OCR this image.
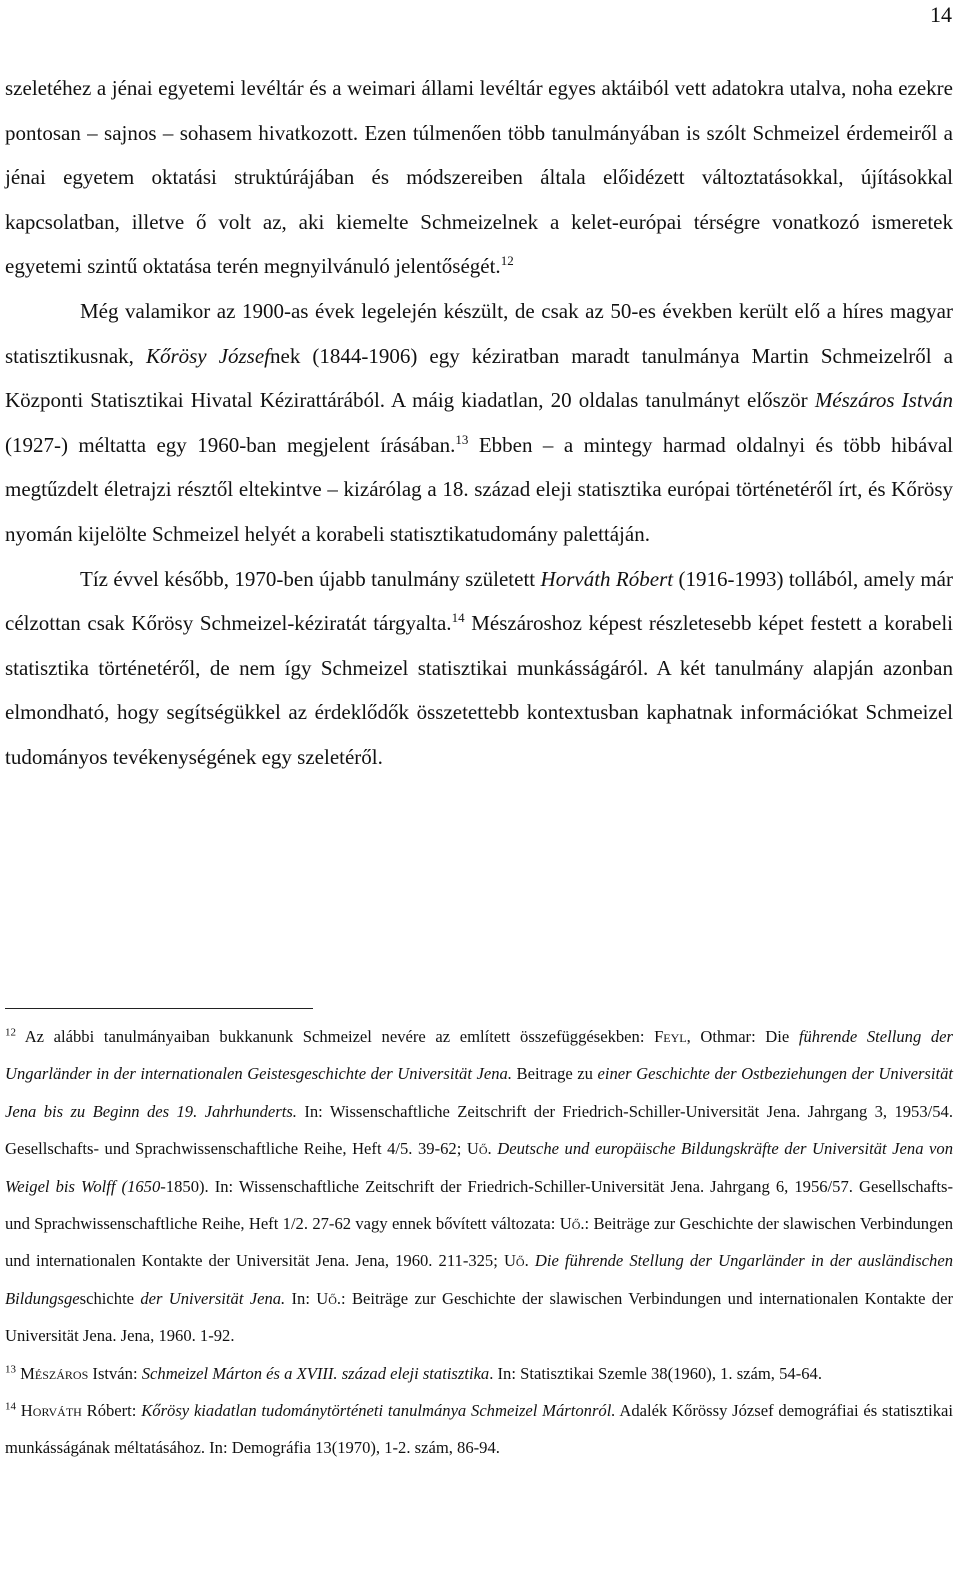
14

szeletéhez a jénai egyetemi levéltár és a weimari állami levéltár egyes aktáiból vett adatokra utalva, noha ezekre pontosan – sajnos – sohasem hivatkozott. Ezen túlmenően több tanulmányában is szólt Schmeizel érdemeiről a jénai egyetem oktatási struktúrájában és módszereiben általa előidézett változtatásokkal, újításokkal kapcsolatban, illetve ő volt az, aki kiemelte Schmeizelnek a kelet-európai térségre vonatkozó ismeretek egyetemi szintű oktatása terén megnyilvánuló jelentőségét.$^{12}$

Még valamikor az 1900-as évek legelején készült, de csak az 50-es években került elő a híres magyar statisztikusnak, Kőrösy Józsefnek (1844-1906) egy kéziratban maradt tanulmánya Martin Schmeizelről a Központi Statisztikai Hivatal Kézirattárából. A máig kiadatlan, 20 oldalas tanulmányt először Mészáros István (1927-) méltatta egy 1960-ban megjelent írásában.$^{13}$ Ebben – a mintegy harmad oldalnyi és több hibával megtűzdelt életrajzi résztől eltekintve – kizárólag a 18. század eleji statisztika európai történetéről írt, és Kőrösy nyomán kijelölte Schmeizel helyét a korabeli statisztikatudomány palettáján.

Tíz évvel később, 1970-ben újabb tanulmány született Horváth Róbert (1916-1993) tollából, amely már célzottan csak Kőrösy Schmeizel-kéziratát tárgyalta.$^{14}$ Mészároshoz képest részletesebb képet festett a korabeli statisztika történetéről, de nem így Schmeizel statisztikai munkásságáról. A két tanulmány alapján azonban elmondható, hogy segítségükkel az érdeklődők összetettebb kontextusban kaphatnak információkat Schmeizel tudományos tevékenységének egy szeletéről.

$^{12}$ Az alábbi tanulmányaiban bukkanunk Schmeizel nevére az említett összefüggésekben: Feyl, Othmar: Die führende Stellung der Ungarländer in der internationalen Geistesgeschichte der Universität Jena. Beitrage zu einer Geschichte der Ostbeziehungen der Universität Jena bis zu Beginn des 19. Jahrhunderts. In: Wissenschaftliche Zeitschrift der Friedrich-Schiller-Universität Jena. Jahrgang 3, 1953/54. Gesellschafts- und Sprachwissenschaftliche Reihe, Heft 4/5. 39-62; Uő. Deutsche und europäische Bildungskräfte der Universität Jena von Weigel bis Wolff (1650-1850). In: Wissenschaftliche Zeitschrift der Friedrich-Schiller-Universität Jena. Jahrgang 6, 1956/57. Gesellschafts- und Sprachwissenschaftliche Reihe, Heft 1/2. 27-62 vagy ennek bővített változata: Uő.: Beiträge zur Geschichte der slawischen Verbindungen und internationalen Kontakte der Universität Jena. Jena, 1960. 211-325; Uő. Die führende Stellung der Ungarländer in der ausländischen Bildungsgeschichte der Universität Jena. In: Uő.: Beiträge zur Geschichte der slawischen Verbindungen und internationalen Kontakte der Universität Jena. Jena, 1960. 1-92.

$^{13}$ Mészáros István: Schmeizel Márton és a XVIII. század eleji statisztika. In: Statisztikai Szemle 38(1960), 1. szám, 54-64.

$^{14}$ Horváth Róbert: Kőrösy kiadatlan tudománytörténeti tanulmánya Schmeizel Mártonról. Adalék Kőrössy József demográfiai és statisztikai munkásságának méltatásához. In: Demográfia 13(1970), 1-2. szám, 86-94.
